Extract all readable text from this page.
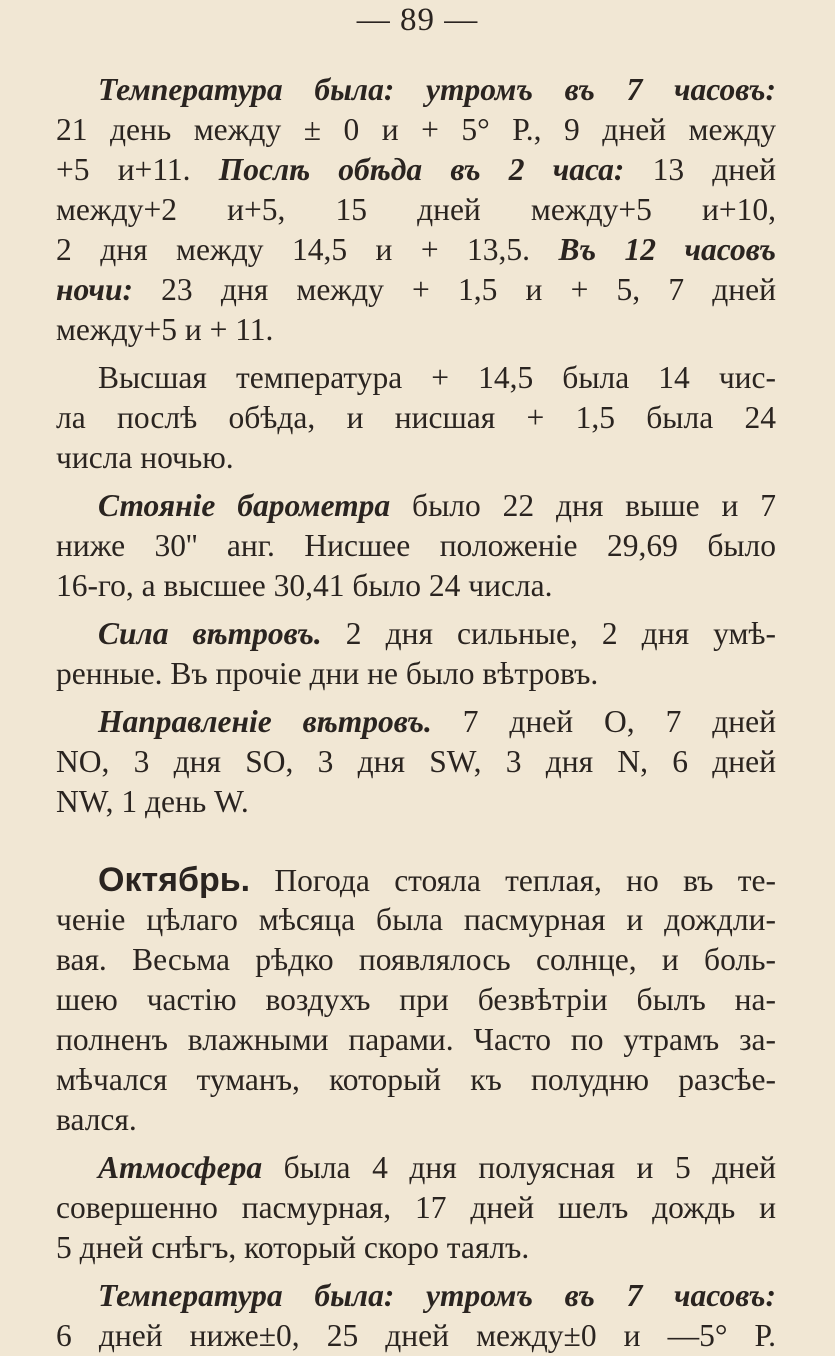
— 89 —
Температура была: утромъ въ 7 часовъ:
21 день между ± 0 и + 5° Р., 9 дней между
+5 и+11. Послѣ обѣда въ 2 часа: 13 дней
между+2 и+5, 15 дней между+5 и+10,
2 дня между 14,5 и + 13,5. Въ 12 часовъ
ночи: 23 дня между + 1,5 и + 5, 7 дней
между+5 и + 11.
Высшая температура + 14,5 была 14 чис-
ла послѣ обѣда, и нисшая + 1,5 была 24
числа ночью.
Стояніе барометра было 22 дня выше и 7
ниже 30'' анг. Нисшее положеніе 29,69 было
16-го, а высшее 30,41 было 24 числа.
Сила вѣтровъ. 2 дня сильные, 2 дня умѣ-
ренные. Въ прочіе дни не было вѣтровъ.
Направленіе вѣтровъ. 7 дней O, 7 дней
NO, 3 дня SO, 3 дня SW, 3 дня N, 6 дней
NW, 1 день W.
Октябрь. Погода стояла теплая, но въ те-
ченіе цѣлаго мѣсяца была пасмурная и дождли-
вая. Весьма рѣдко появлялось солнце, и боль-
шею частію воздухъ при безвѣтріи былъ на-
полненъ влажными парами. Часто по утрамъ за-
мѣчался туманъ, который къ полудню разсѣе-
вался.
Атмосфера была 4 дня полуясная и 5 дней
совершенно пасмурная, 17 дней шелъ дождь и
5 дней снѣгъ, который скоро таялъ.
Температура была: утромъ въ 7 часовъ:
6 дней ниже±0, 25 дней между±0 и —5° Р.
